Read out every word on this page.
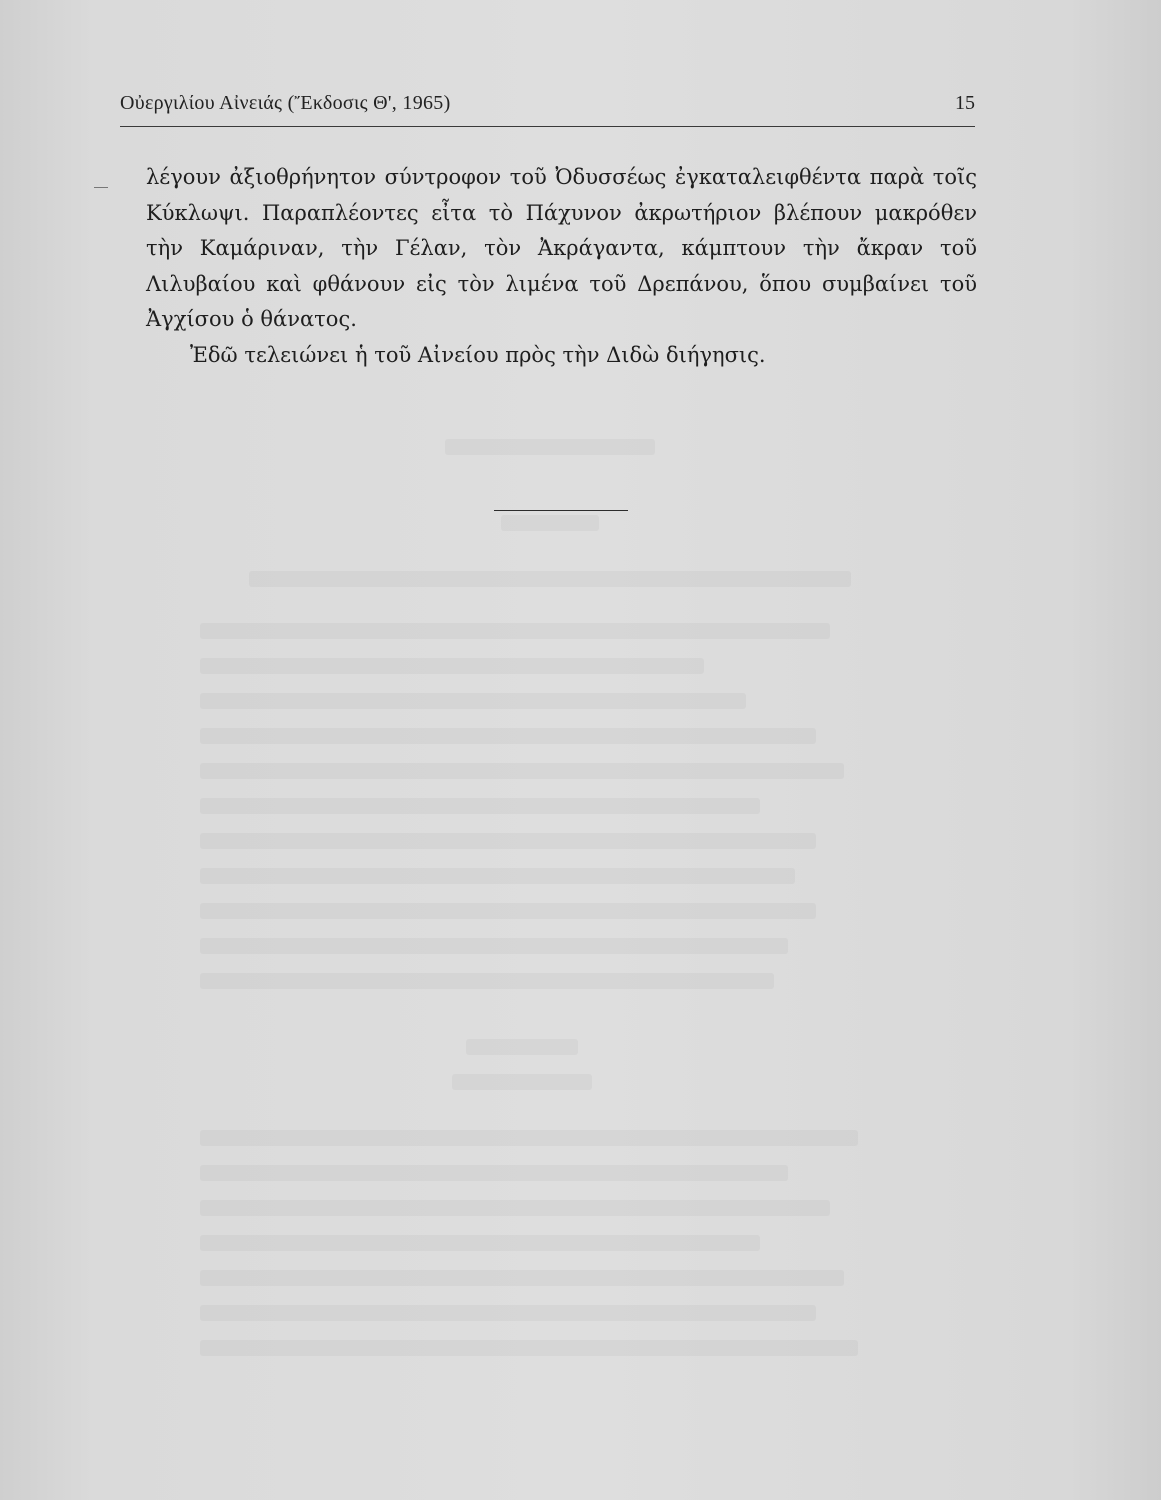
Οὐεργιλίου Αἰνειάς (Ἔκδοσις Θ', 1965)	15

λέγουν ἀξιοθρήνητον σύντροφον τοῦ Ὀδυσσέως ἐγκαταλειφθέντα παρὰ τοῖς Κύκλωψι. Παραπλέοντες εἶτα τὸ Πάχυνον ἀκρωτήριον βλέπουν μακρόθεν τὴν Καμάριναν, τὴν Γέλαν, τὸν Ἀκράγαντα, κάμπτουν τὴν ἄκραν τοῦ Λιλυβαίου καὶ φθάνουν εἰς τὸν λιμένα τοῦ Δρεπάνου, ὅπου συμβαίνει τοῦ Ἀγχίσου ὁ θάνατος.

Ἐδῶ τελειώνει ἡ τοῦ Αἰνείου πρὸς τὴν Διδὼ διήγησις.
